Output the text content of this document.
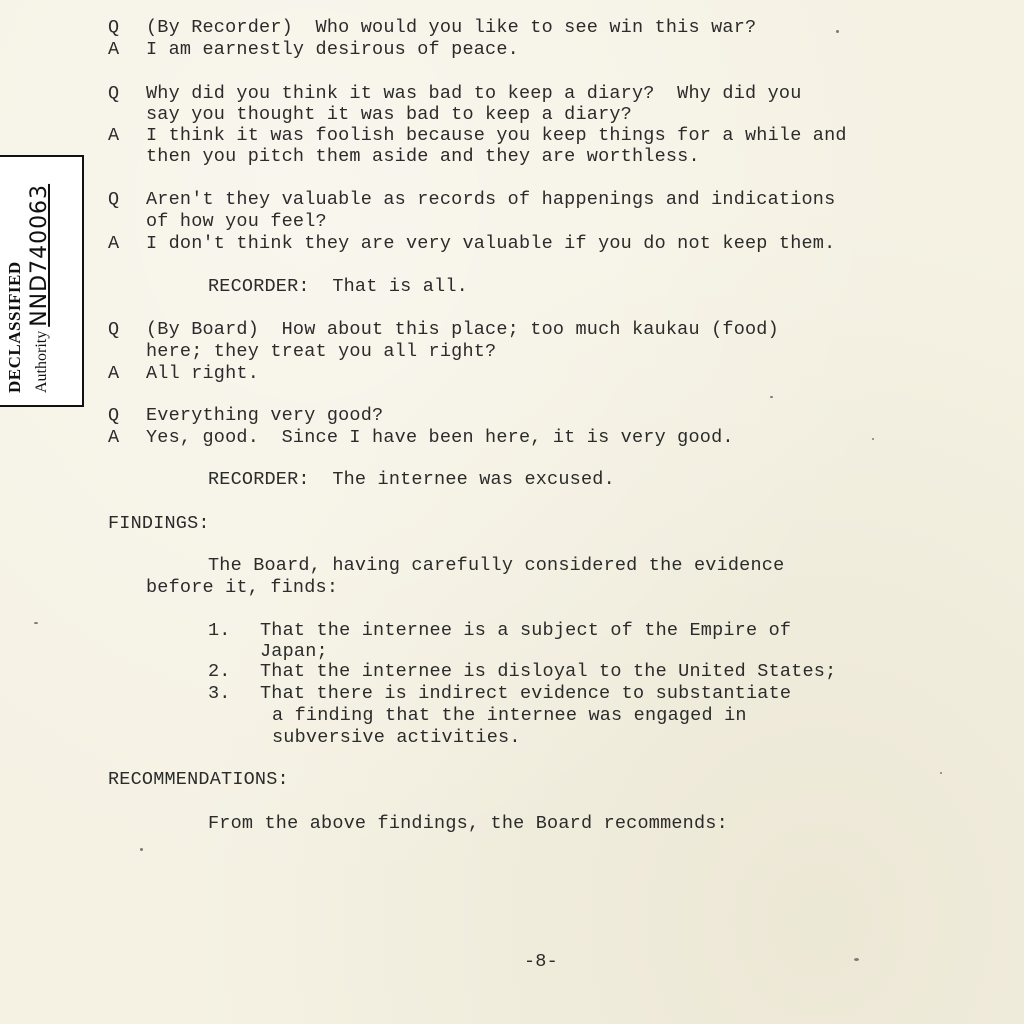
DECLASSIFIED Authority NND740063
Q (By Recorder)  Who would you like to see win this war?
A I am earnestly desirous of peace.
Q Why did you think it was bad to keep a diary?  Why did you
say you thought it was bad to keep a diary?
A I think it was foolish because you keep things for a while and
then you pitch them aside and they are worthless.
Q Aren't they valuable as records of happenings and indications
of how you feel?
A I don't think they are very valuable if you do not keep them.
RECORDER:  That is all.
Q (By Board)  How about this place; too much kaukau (food)
here; they treat you all right?
A All right.
Q Everything very good?
A Yes, good.  Since I have been here, it is very good.
RECORDER:  The internee was excused.
FINDINGS:
The Board, having carefully considered the evidence
before it, finds:
1. That the internee is a subject of the Empire of
Japan;
2. That the internee is disloyal to the United States;
3. That there is indirect evidence to substantiate
a finding that the internee was engaged in
subversive activities.
RECOMMENDATIONS:
From the above findings, the Board recommends:
-8-
